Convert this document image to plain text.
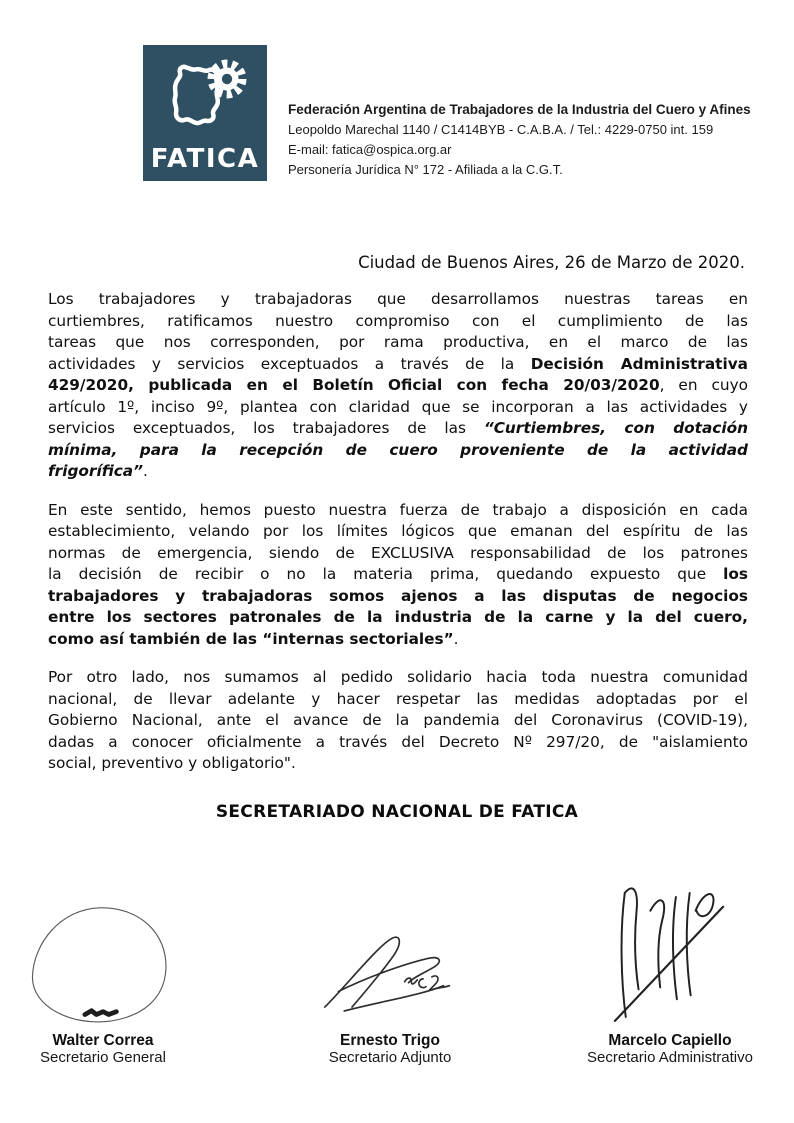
FATICA
Federación Argentina de Trabajadores de la Industria del Cuero y Afines
Leopoldo Marechal 1140 / C1414BYB - C.A.B.A. / Tel.: 4229-0750 int. 159
E-mail: fatica@ospica.org.ar
Personería Jurídica N° 172 - Afiliada a la C.G.T.
Ciudad de Buenos Aires, 26 de Marzo de 2020.
Los trabajadores y trabajadoras que desarrollamos nuestras tareas en
curtiembres, ratificamos nuestro compromiso con el cumplimiento de las
tareas que nos corresponden, por rama productiva, en el marco de las
actividades y servicios exceptuados a través de la Decisión Administrativa
429/2020, publicada en el Boletín Oficial con fecha 20/03/2020, en cuyo
artículo 1º, inciso 9º, plantea con claridad que se incorporan a las actividades y
servicios exceptuados, los trabajadores de las “Curtiembres, con dotación
mínima, para la recepción de cuero proveniente de la actividad
frigorífica”.
En este sentido, hemos puesto nuestra fuerza de trabajo a disposición en cada
establecimiento, velando por los límites lógicos que emanan del espíritu de las
normas de emergencia, siendo de EXCLUSIVA responsabilidad de los patrones
la decisión de recibir o no la materia prima, quedando expuesto que los
trabajadores y trabajadoras somos ajenos a las disputas de negocios
entre los sectores patronales de la industria de la carne y la del cuero,
como así también de las “internas sectoriales”.
Por otro lado, nos sumamos al pedido solidario hacia toda nuestra comunidad
nacional, de llevar adelante y hacer respetar las medidas adoptadas por el
Gobierno Nacional, ante el avance de la pandemia del Coronavirus (COVID-19),
dadas a conocer oficialmente a través del Decreto Nº 297/20, de "aislamiento
social, preventivo y obligatorio".
SECRETARIADO NACIONAL DE FATICA
Walter Correa
Secretario General
Ernesto Trigo
Secretario Adjunto
Marcelo Capiello
Secretario Administrativo
